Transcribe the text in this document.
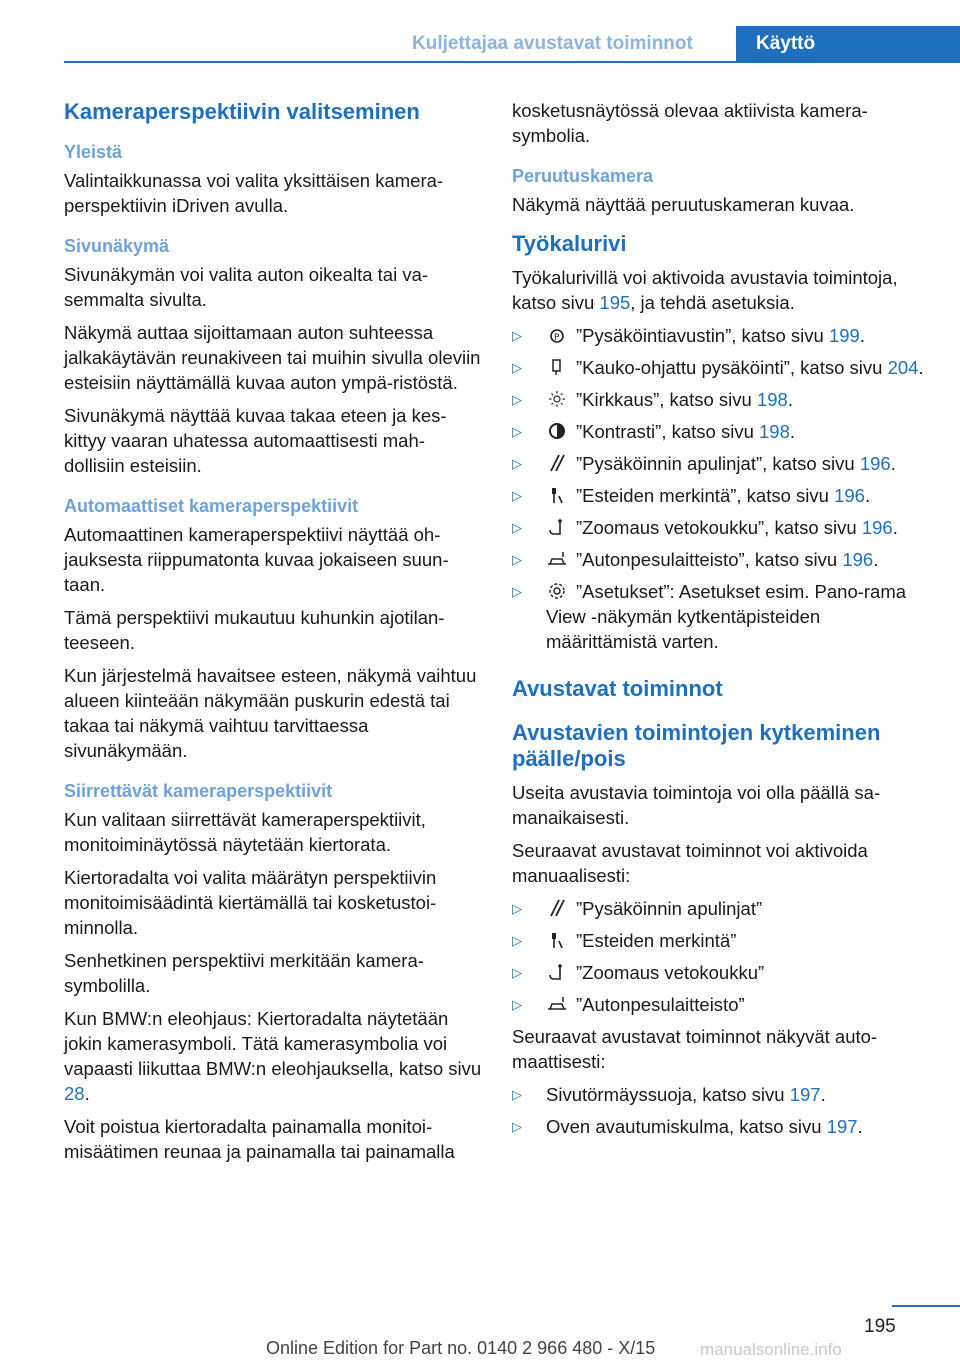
Kuljettajaa avustavat toiminnot	Käyttö
Kameraperspektiivin valitseminen
Yleistä
Valintaikkunassa voi valita yksittäisen kamera-perspektiivin iDriven avulla.
Sivunäkymä
Sivunäkymän voi valita auton oikealta tai va-semmalta sivulta.
Näkymä auttaa sijoittamaan auton suhteessa jalkakäytävän reunakiveen tai muihin sivulla oleviin esteisiin näyttämällä kuvaa auton ympä-ristöstä.
Sivunäkymä näyttää kuvaa takaa eteen ja kes-kittyy vaaran uhatessa automaattisesti mah-dollisiin esteisiin.
Automaattiset kameraperspektiivit
Automaattinen kameraperspektiivi näyttää oh-jauksesta riippumatonta kuvaa jokaiseen suun-taan.
Tämä perspektiivi mukautuu kuhunkin ajotilan-teeseen.
Kun järjestelmä havaitsee esteen, näkymä vaihtuu alueen kiinteään näkymään puskurin edestä tai takaa tai näkymä vaihtuu tarvittaessa sivunäkymään.
Siirrettävät kameraperspektiivit
Kun valitaan siirrettävät kameraperspektiivit, monitoiminäytössä näytetään kiertorata.
Kiertoradalta voi valita määrätyn perspektiivin monitoimisäädintä kiertämällä tai kosketustoi-minnolla.
Senhetkinen perspektiivi merkitään kamera-symbolilla.
Kun BMW:n eleohjaus: Kiertoradalta näytetään jokin kamerasymboli. Tätä kamerasymbolia voi vapaasti liikuttaa BMW:n eleohjauksella, katso sivu 28.
Voit poistua kiertoradalta painamalla monitoi-misäätimen reunaa ja painamalla tai painamalla
kosketusnäytössä olevaa aktiivista kamera-symbolia.
Peruutuskamera
Näkymä näyttää peruutuskameran kuvaa.
Työkalurivi
Työkalurivillä voi aktivoida avustavia toimintoja, katso sivu 195, ja tehdä asetuksia.
▷	P ”Pysäköintiavustin”, katso sivu 199.
▷	”Kauko-ohjattu pysäköinti”, katso sivu 204.
▷	”Kirkkaus”, katso sivu 198.
▷	”Kontrasti”, katso sivu 198.
▷	”Pysäköinnin apulinjat”, katso sivu 196.
▷	”Esteiden merkintä”, katso sivu 196.
▷	”Zoomaus vetokoukku”, katso sivu 196.
▷	”Autonpesulaitteisto”, katso sivu 196.
▷	”Asetukset”: Asetukset esim. Pano-rama View -näkymän kytkentäpisteiden määrittämistä varten.
Avustavat toiminnot
Avustavien toimintojen kytkeminen päälle/pois
Useita avustavia toimintoja voi olla päällä sa-manaikaisesti.
Seuraavat avustavat toiminnot voi aktivoida manuaalisesti:
▷	”Pysäköinnin apulinjat”
▷	”Esteiden merkintä”
▷	”Zoomaus vetokoukku”
▷	”Autonpesulaitteisto”
Seuraavat avustavat toiminnot näkyvät auto-maattisesti:
▷ Sivutörmäyssuoja, katso sivu 197.
▷ Oven avautumiskulma, katso sivu 197.
195
Online Edition for Part no. 0140 2 966 480 - X/15	manualsonline.info
